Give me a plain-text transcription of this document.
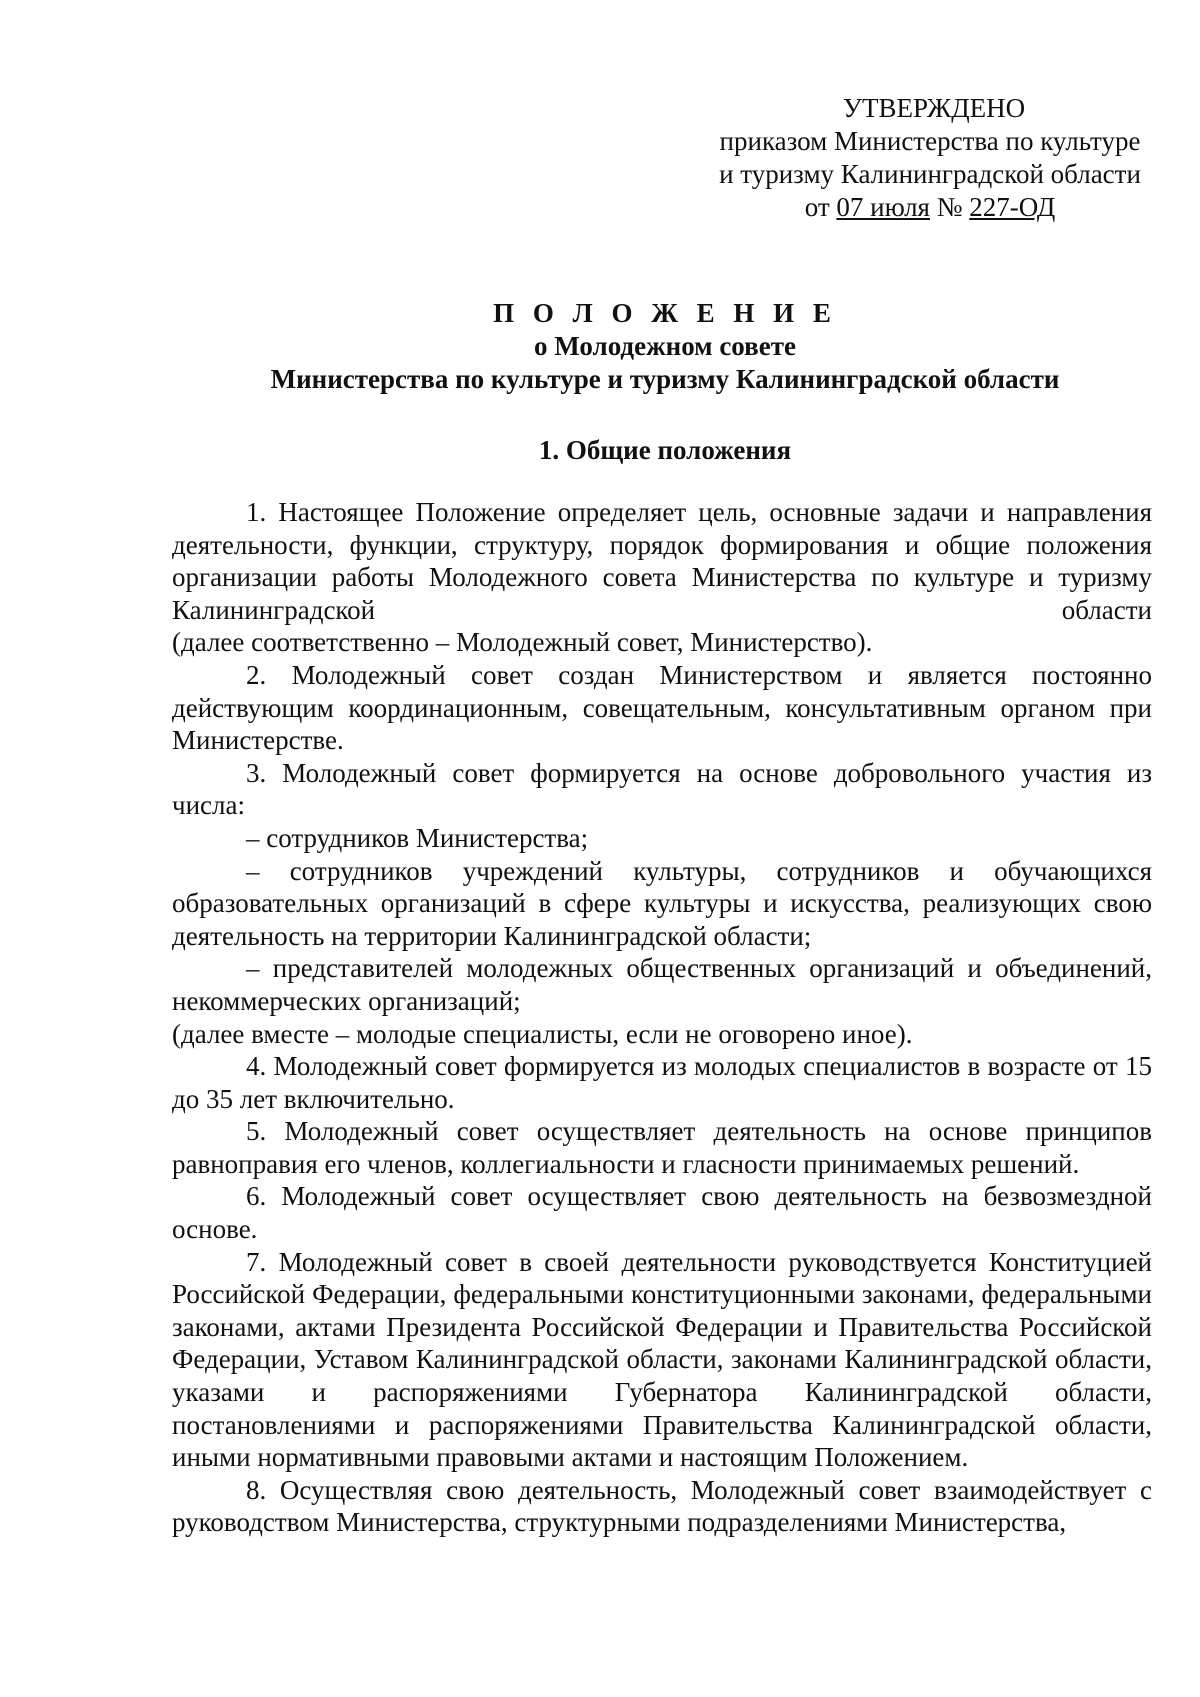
УТВЕРЖДЕНО
приказом Министерства по культуре
и туризму Калининградской области
от 07 июля № 227-ОД
П О Л О Ж Е Н И Е
о Молодежном совете
Министерства по культуре и туризму Калининградской области
1. Общие положения

1. Настоящее Положение определяет цель, основные задачи и направления деятельности, функции, структуру, порядок формирования и общие положения организации работы Молодежного совета Министерства по культуре и туризму Калининградской области

(далее соответственно – Молодежный совет, Министерство).

2. Молодежный совет создан Министерством и является постоянно действующим координационным, совещательным, консультативным органом при Министерстве.

3. Молодежный совет формируется на основе добровольного участия из числа:

– сотрудников Министерства;

– сотрудников учреждений культуры, сотрудников и обучающихся образовательных организаций в сфере культуры и искусства, реализующих свою деятельность на территории Калининградской области;

– представителей молодежных общественных организаций и объединений, некоммерческих организаций;

(далее вместе – молодые специалисты, если не оговорено иное).

4. Молодежный совет формируется из молодых специалистов в возрасте от 15 до 35 лет включительно.

5. Молодежный совет осуществляет деятельность на основе принципов равноправия его членов, коллегиальности и гласности принимаемых решений.

6. Молодежный совет осуществляет свою деятельность на безвозмездной основе.

7. Молодежный совет в своей деятельности руководствуется Конституцией Российской Федерации, федеральными конституционными законами, федеральными законами, актами Президента Российской Федерации и Правительства Российской Федерации, Уставом Калининградской области, законами Калининградской области, указами и распоряжениями Губернатора Калининградской области, постановлениями и распоряжениями Правительства Калининградской области, иными нормативными правовыми актами и настоящим Положением.

8. Осуществляя свою деятельность, Молодежный совет взаимодействует с руководством Министерства, структурными подразделениями Министерства,
